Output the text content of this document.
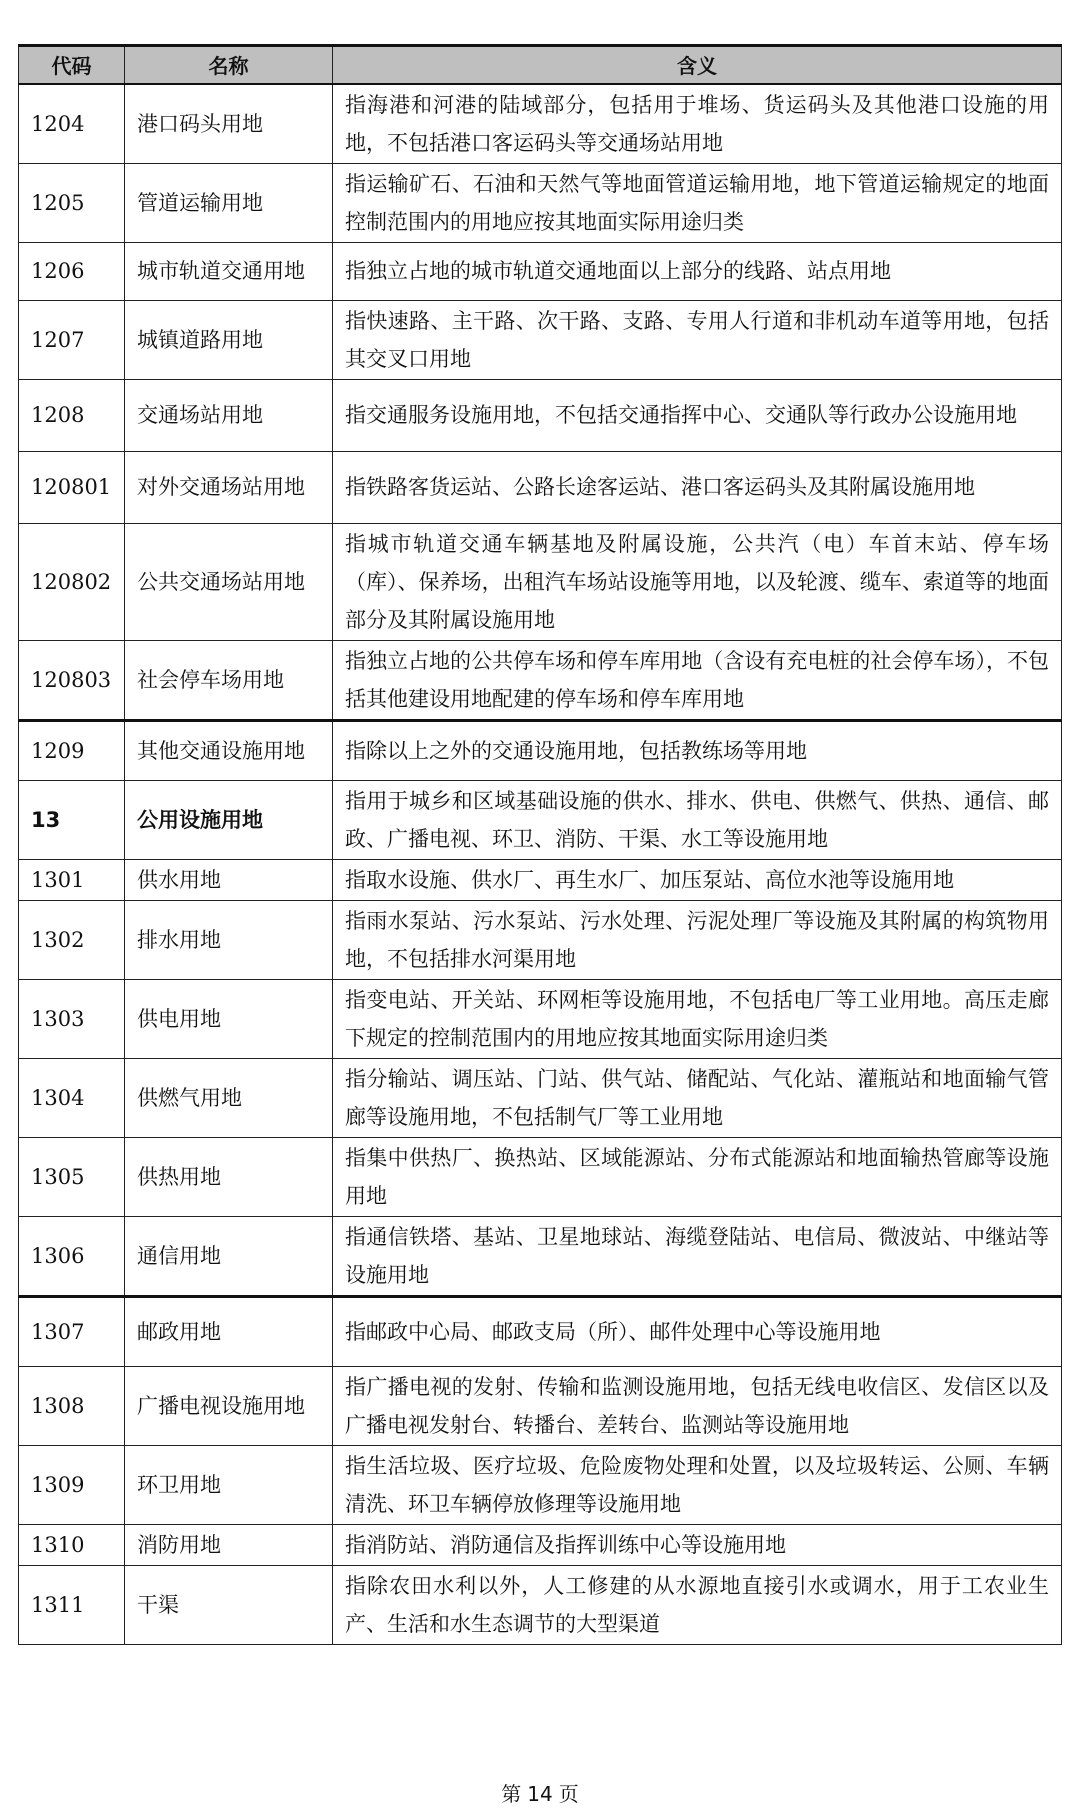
代码	名称	含义
1204	港口码头用地	指海港和河港的陆域部分，包括用于堆场、货运码头及其他港口设施的用地，不包括港口客运码头等交通场站用地
1205	管道运输用地	指运输矿石、石油和天然气等地面管道运输用地，地下管道运输规定的地面控制范围内的用地应按其地面实际用途归类
1206	城市轨道交通用地	指独立占地的城市轨道交通地面以上部分的线路、站点用地
1207	城镇道路用地	指快速路、主干路、次干路、支路、专用人行道和非机动车道等用地，包括其交叉口用地
1208	交通场站用地	指交通服务设施用地，不包括交通指挥中心、交通队等行政办公设施用地
120801	对外交通场站用地	指铁路客货运站、公路长途客运站、港口客运码头及其附属设施用地
120802	公共交通场站用地	指城市轨道交通车辆基地及附属设施，公共汽（电）车首末站、停车场（库）、保养场，出租汽车场站设施等用地，以及轮渡、缆车、索道等的地面部分及其附属设施用地
120803	社会停车场用地	指独立占地的公共停车场和停车库用地（含设有充电桩的社会停车场），不包括其他建设用地配建的停车场和停车库用地
1209	其他交通设施用地	指除以上之外的交通设施用地，包括教练场等用地
13	公用设施用地	指用于城乡和区域基础设施的供水、排水、供电、供燃气、供热、通信、邮政、广播电视、环卫、消防、干渠、水工等设施用地
1301	供水用地	指取水设施、供水厂、再生水厂、加压泵站、高位水池等设施用地
1302	排水用地	指雨水泵站、污水泵站、污水处理、污泥处理厂等设施及其附属的构筑物用地，不包括排水河渠用地
1303	供电用地	指变电站、开关站、环网柜等设施用地，不包括电厂等工业用地。高压走廊下规定的控制范围内的用地应按其地面实际用途归类
1304	供燃气用地	指分输站、调压站、门站、供气站、储配站、气化站、灌瓶站和地面输气管廊等设施用地，不包括制气厂等工业用地
1305	供热用地	指集中供热厂、换热站、区域能源站、分布式能源站和地面输热管廊等设施用地
1306	通信用地	指通信铁塔、基站、卫星地球站、海缆登陆站、电信局、微波站、中继站等设施用地
1307	邮政用地	指邮政中心局、邮政支局（所）、邮件处理中心等设施用地
1308	广播电视设施用地	指广播电视的发射、传输和监测设施用地，包括无线电收信区、发信区以及广播电视发射台、转播台、差转台、监测站等设施用地
1309	环卫用地	指生活垃圾、医疗垃圾、危险废物处理和处置，以及垃圾转运、公厕、车辆清洗、环卫车辆停放修理等设施用地
1310	消防用地	指消防站、消防通信及指挥训练中心等设施用地
1311	干渠	指除农田水利以外，人工修建的从水源地直接引水或调水，用于工农业生产、生活和水生态调节的大型渠道
第 14 页
